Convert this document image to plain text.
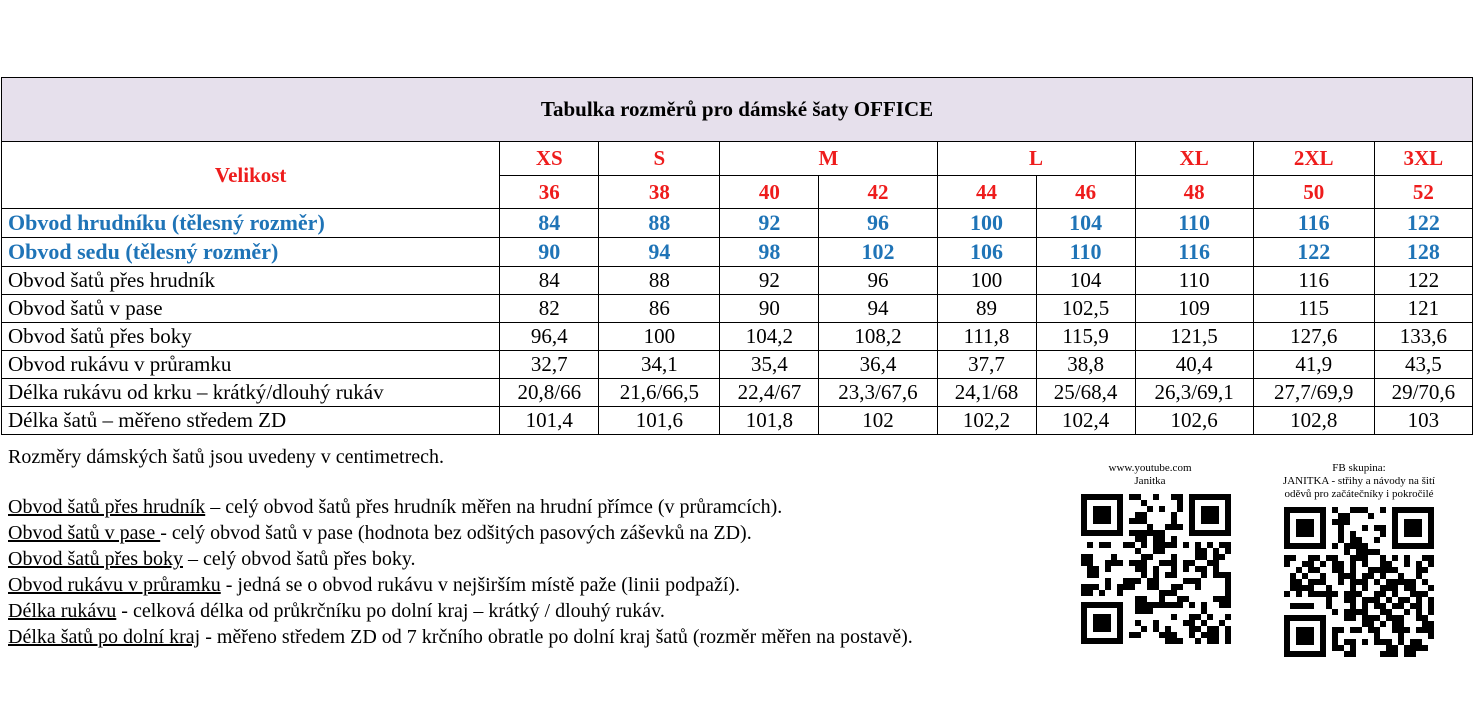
Tabulka rozměrů pro dámské šaty OFFICE									
Velikost	XS	S	M		L		XL	2XL	3XL
	36	38	40	42	44	46	48	50	52
Obvod hrudníku (tělesný rozměr)	84	88	92	96	100	104	110	116	122
Obvod sedu (tělesný rozměr)	90	94	98	102	106	110	116	122	128
Obvod šatů přes hrudník	84	88	92	96	100	104	110	116	122
Obvod šatů v pase	82	86	90	94	89	102,5	109	115	121
Obvod šatů přes boky	96,4	100	104,2	108,2	111,8	115,9	121,5	127,6	133,6
Obvod rukávu v průramku	32,7	34,1	35,4	36,4	37,7	38,8	40,4	41,9	43,5
Délka rukávu od krku – krátký/dlouhý rukáv	20,8/66	21,6/66,5	22,4/67	23,3/67,6	24,1/68	25/68,4	26,3/69,1	27,7/69,9	29/70,6
Délka šatů – měřeno středem ZD	101,4	101,6	101,8	102	102,2	102,4	102,6	102,8	103
Rozměry dámských šatů jsou uvedeny v centimetrech.
Obvod šatů přes hrudník – celý obvod šatů přes hrudník měřen na hrudní přímce (v průramcích).
Obvod šatů v pase - celý obvod šatů v pase (hodnota bez odšitých pasových záševků na ZD).
Obvod šatů přes boky – celý obvod šatů přes boky.
Obvod rukávu v průramku - jedná se o obvod rukávu v nejširším místě paže (linii podpaží).
Délka rukávu - celková délka od průkrčníku po dolní kraj – krátký / dlouhý rukáv.
Délka šatů po dolní kraj - měřeno středem ZD od 7 krčního obratle po dolní kraj šatů (rozměr měřen na postavě).
www.youtube.com
Janitka
FB skupina:
JANITKA - střihy a návody na šití
oděvů pro začátečníky i pokročilé
